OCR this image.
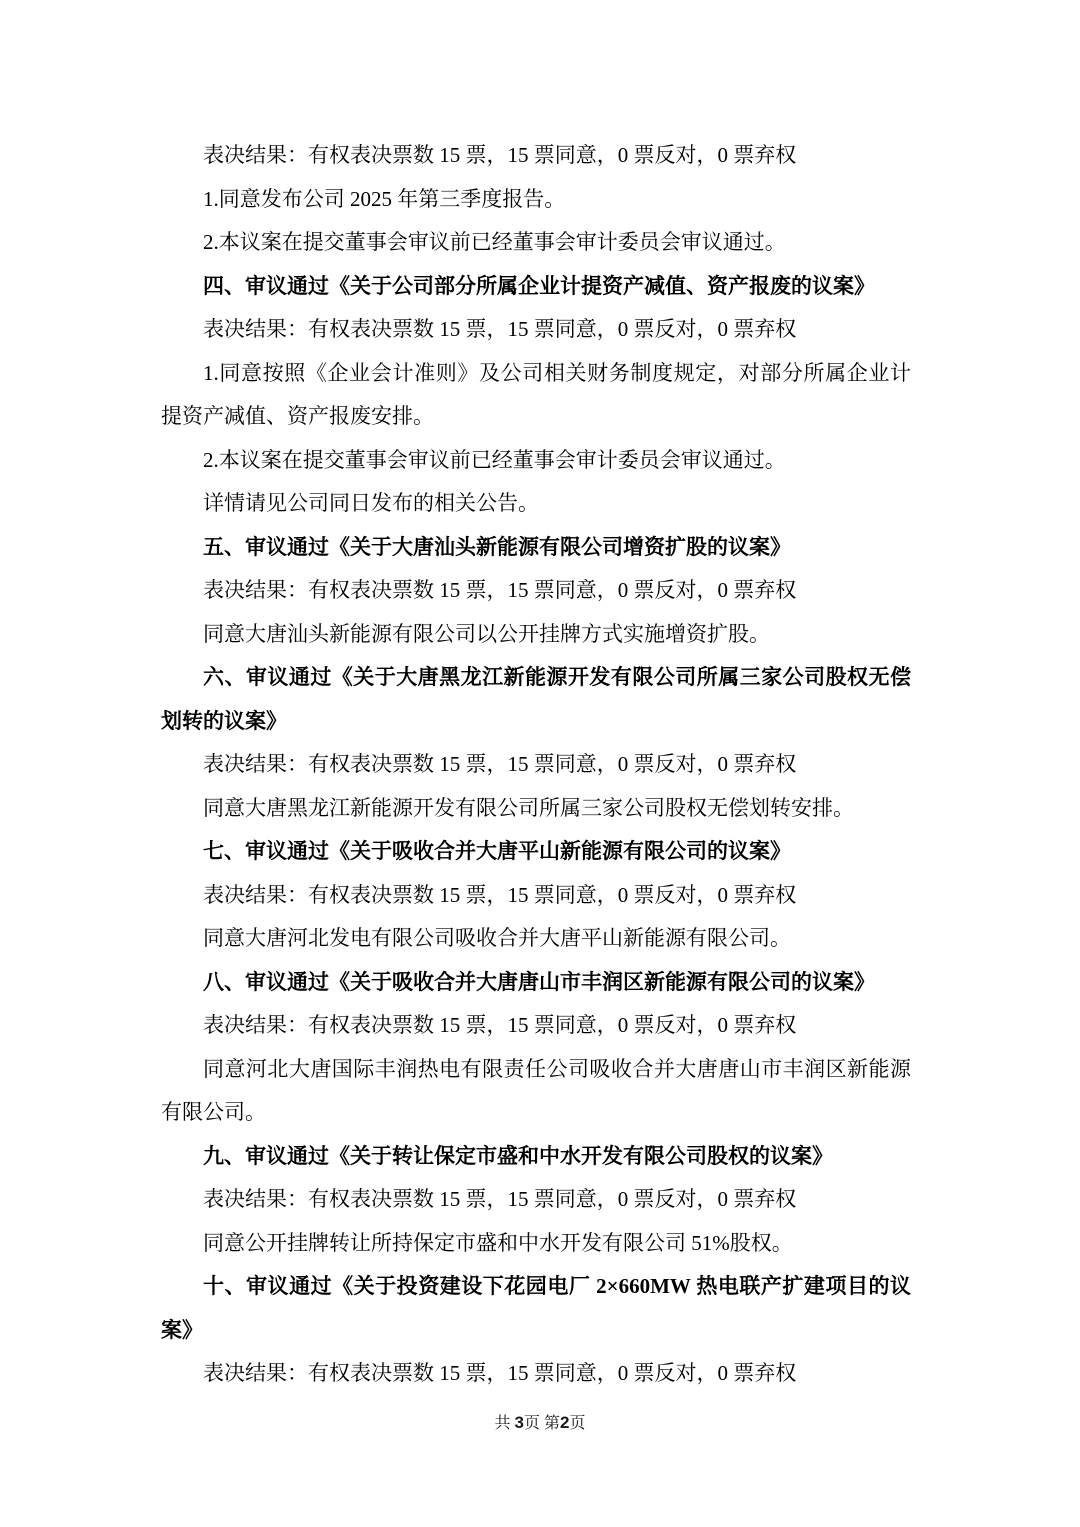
表决结果：有权表决票数 15 票，15 票同意，0 票反对，0 票弃权

1.同意发布公司 2025 年第三季度报告。

2.本议案在提交董事会审议前已经董事会审计委员会审议通过。

四、审议通过《关于公司部分所属企业计提资产减值、资产报废的议案》

表决结果：有权表决票数 15 票，15 票同意，0 票反对，0 票弃权

1.同意按照《企业会计准则》及公司相关财务制度规定，对部分所属企业计提资产减值、资产报废安排。

2.本议案在提交董事会审议前已经董事会审计委员会审议通过。

详情请见公司同日发布的相关公告。

五、审议通过《关于大唐汕头新能源有限公司增资扩股的议案》

表决结果：有权表决票数 15 票，15 票同意，0 票反对，0 票弃权

同意大唐汕头新能源有限公司以公开挂牌方式实施增资扩股。

六、审议通过《关于大唐黑龙江新能源开发有限公司所属三家公司股权无偿划转的议案》

表决结果：有权表决票数 15 票，15 票同意，0 票反对，0 票弃权

同意大唐黑龙江新能源开发有限公司所属三家公司股权无偿划转安排。

七、审议通过《关于吸收合并大唐平山新能源有限公司的议案》

表决结果：有权表决票数 15 票，15 票同意，0 票反对，0 票弃权

同意大唐河北发电有限公司吸收合并大唐平山新能源有限公司。

八、审议通过《关于吸收合并大唐唐山市丰润区新能源有限公司的议案》

表决结果：有权表决票数 15 票，15 票同意，0 票反对，0 票弃权

同意河北大唐国际丰润热电有限责任公司吸收合并大唐唐山市丰润区新能源有限公司。

九、审议通过《关于转让保定市盛和中水开发有限公司股权的议案》

表决结果：有权表决票数 15 票，15 票同意，0 票反对，0 票弃权

同意公开挂牌转让所持保定市盛和中水开发有限公司 51%股权。

十、审议通过《关于投资建设下花园电厂 2×660MW 热电联产扩建项目的议案》

表决结果：有权表决票数 15 票，15 票同意，0 票反对，0 票弃权

共 3页 第2页
